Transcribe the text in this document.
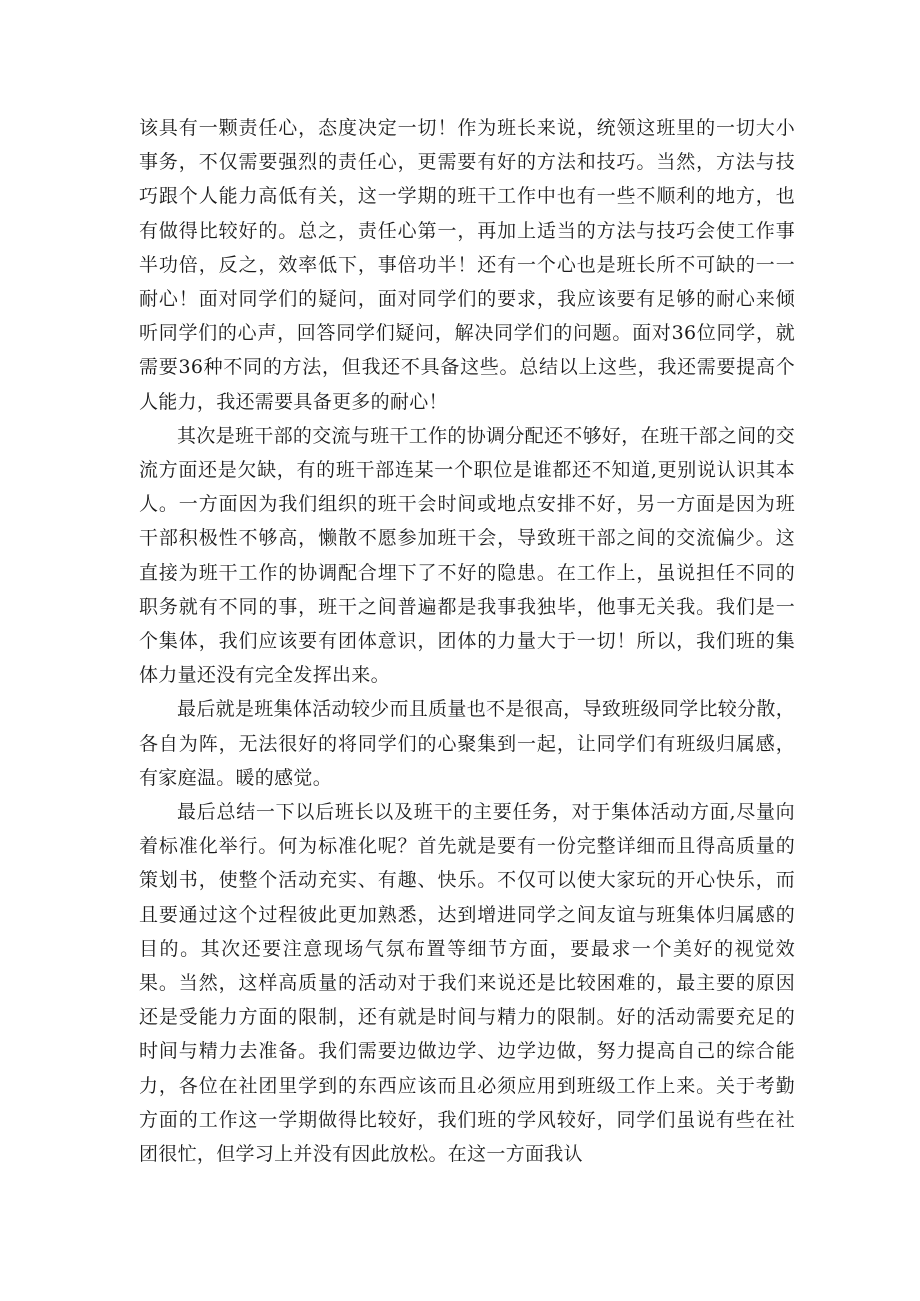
该具有一颗责任心，态度决定一切！作为班长来说，统领这班里的一切大小事务，不仅需要强烈的责任心，更需要有好的方法和技巧。当然，方法与技巧跟个人能力高低有关，这一学期的班干工作中也有一些不顺利的地方，也有做得比较好的。总之，责任心第一，再加上适当的方法与技巧会使工作事半功倍，反之，效率低下，事倍功半！还有一个心也是班长所不可缺的一一耐心！面对同学们的疑问，面对同学们的要求，我应该要有足够的耐心来倾听同学们的心声，回答同学们疑问，解决同学们的问题。面对36位同学，就需要36种不同的方法，但我还不具备这些。总结以上这些，我还需要提高个人能力，我还需要具备更多的耐心！

其次是班干部的交流与班干工作的协调分配还不够好，在班干部之间的交流方面还是欠缺，有的班干部连某一个职位是谁都还不知道,更别说认识其本人。一方面因为我们组织的班干会时间或地点安排不好，另一方面是因为班干部积极性不够高，懒散不愿参加班干会，导致班干部之间的交流偏少。这直接为班干工作的协调配合埋下了不好的隐患。在工作上，虽说担任不同的职务就有不同的事，班干之间普遍都是我事我独毕，他事无关我。我们是一个集体，我们应该要有团体意识，团体的力量大于一切！所以，我们班的集体力量还没有完全发挥出来。

最后就是班集体活动较少而且质量也不是很高，导致班级同学比较分散，各自为阵，无法很好的将同学们的心聚集到一起，让同学们有班级归属感，有家庭温。暖的感觉。

最后总结一下以后班长以及班干的主要任务，对于集体活动方面,尽量向着标准化举行。何为标准化呢？首先就是要有一份完整详细而且得高质量的策划书，使整个活动充实、有趣、快乐。不仅可以使大家玩的开心快乐，而且要通过这个过程彼此更加熟悉，达到增进同学之间友谊与班集体归属感的目的。其次还要注意现场气氛布置等细节方面，要最求一个美好的视觉效果。当然，这样高质量的活动对于我们来说还是比较困难的，最主要的原因还是受能力方面的限制，还有就是时间与精力的限制。好的活动需要充足的时间与精力去准备。我们需要边做边学、边学边做，努力提高自己的综合能力，各位在社团里学到的东西应该而且必须应用到班级工作上来。关于考勤方面的工作这一学期做得比较好，我们班的学风较好，同学们虽说有些在社团很忙，但学习上并没有因此放松。在这一方面我认
